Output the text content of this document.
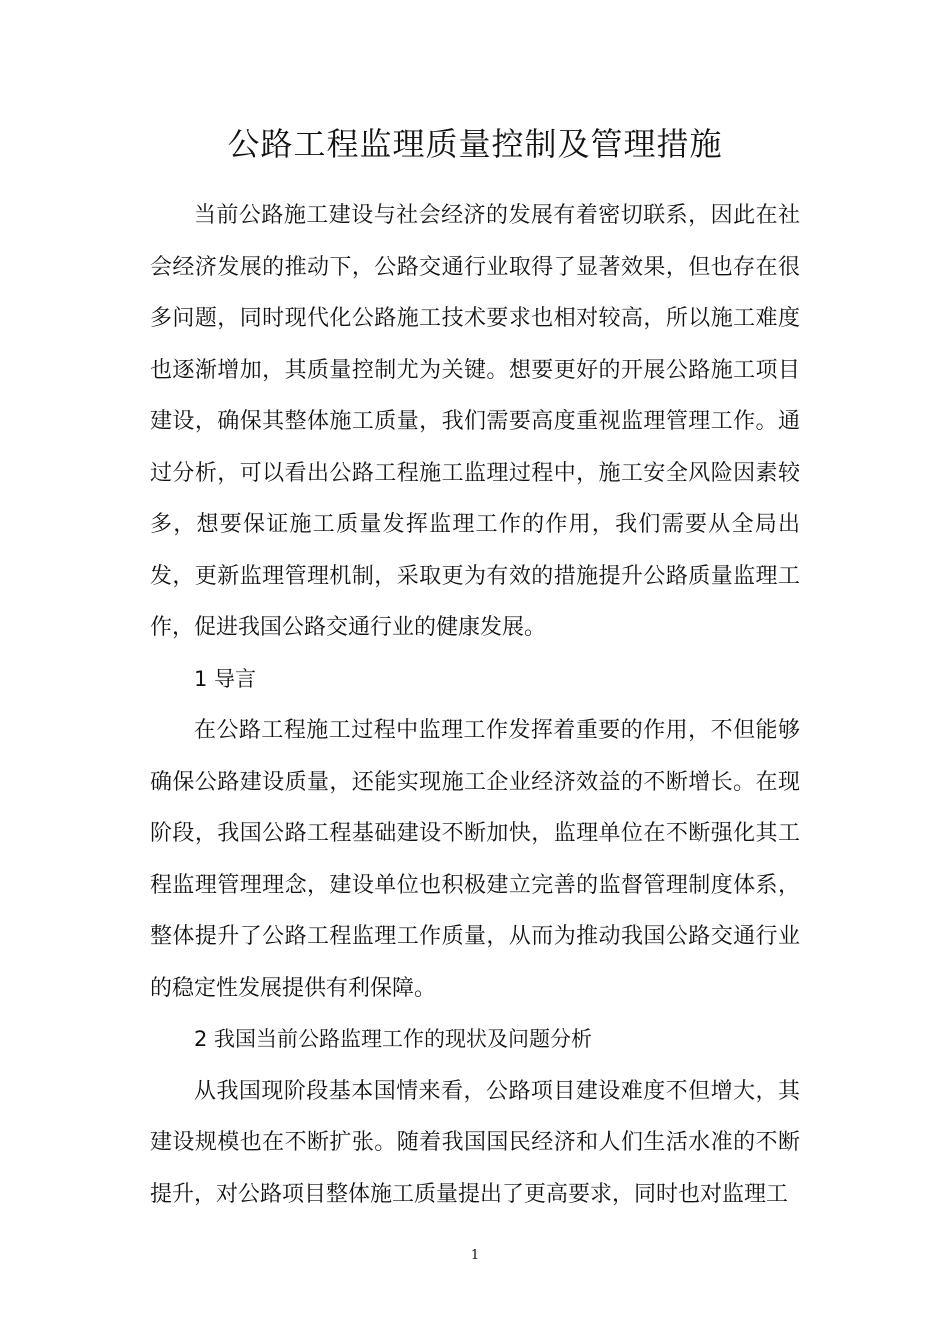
公路工程监理质量控制及管理措施

当前公路施工建设与社会经济的发展有着密切联系，因此在社会经济发展的推动下，公路交通行业取得了显著效果，但也存在很多问题，同时现代化公路施工技术要求也相对较高，所以施工难度也逐渐增加，其质量控制尤为关键。想要更好的开展公路施工项目建设，确保其整体施工质量，我们需要高度重视监理管理工作。通过分析，可以看出公路工程施工监理过程中，施工安全风险因素较多，想要保证施工质量发挥监理工作的作用，我们需要从全局出发，更新监理管理机制，采取更为有效的措施提升公路质量监理工作，促进我国公路交通行业的健康发展。

1 导言

在公路工程施工过程中监理工作发挥着重要的作用，不但能够确保公路建设质量，还能实现施工企业经济效益的不断增长。在现阶段，我国公路工程基础建设不断加快，监理单位在不断强化其工程监理管理理念，建设单位也积极建立完善的监督管理制度体系，整体提升了公路工程监理工作质量，从而为推动我国公路交通行业的稳定性发展提供有利保障。

2 我国当前公路监理工作的现状及问题分析

从我国现阶段基本国情来看，公路项目建设难度不但增大，其建设规模也在不断扩张。随着我国国民经济和人们生活水准的不断提升，对公路项目整体施工质量提出了更高要求，同时也对监理工

1
